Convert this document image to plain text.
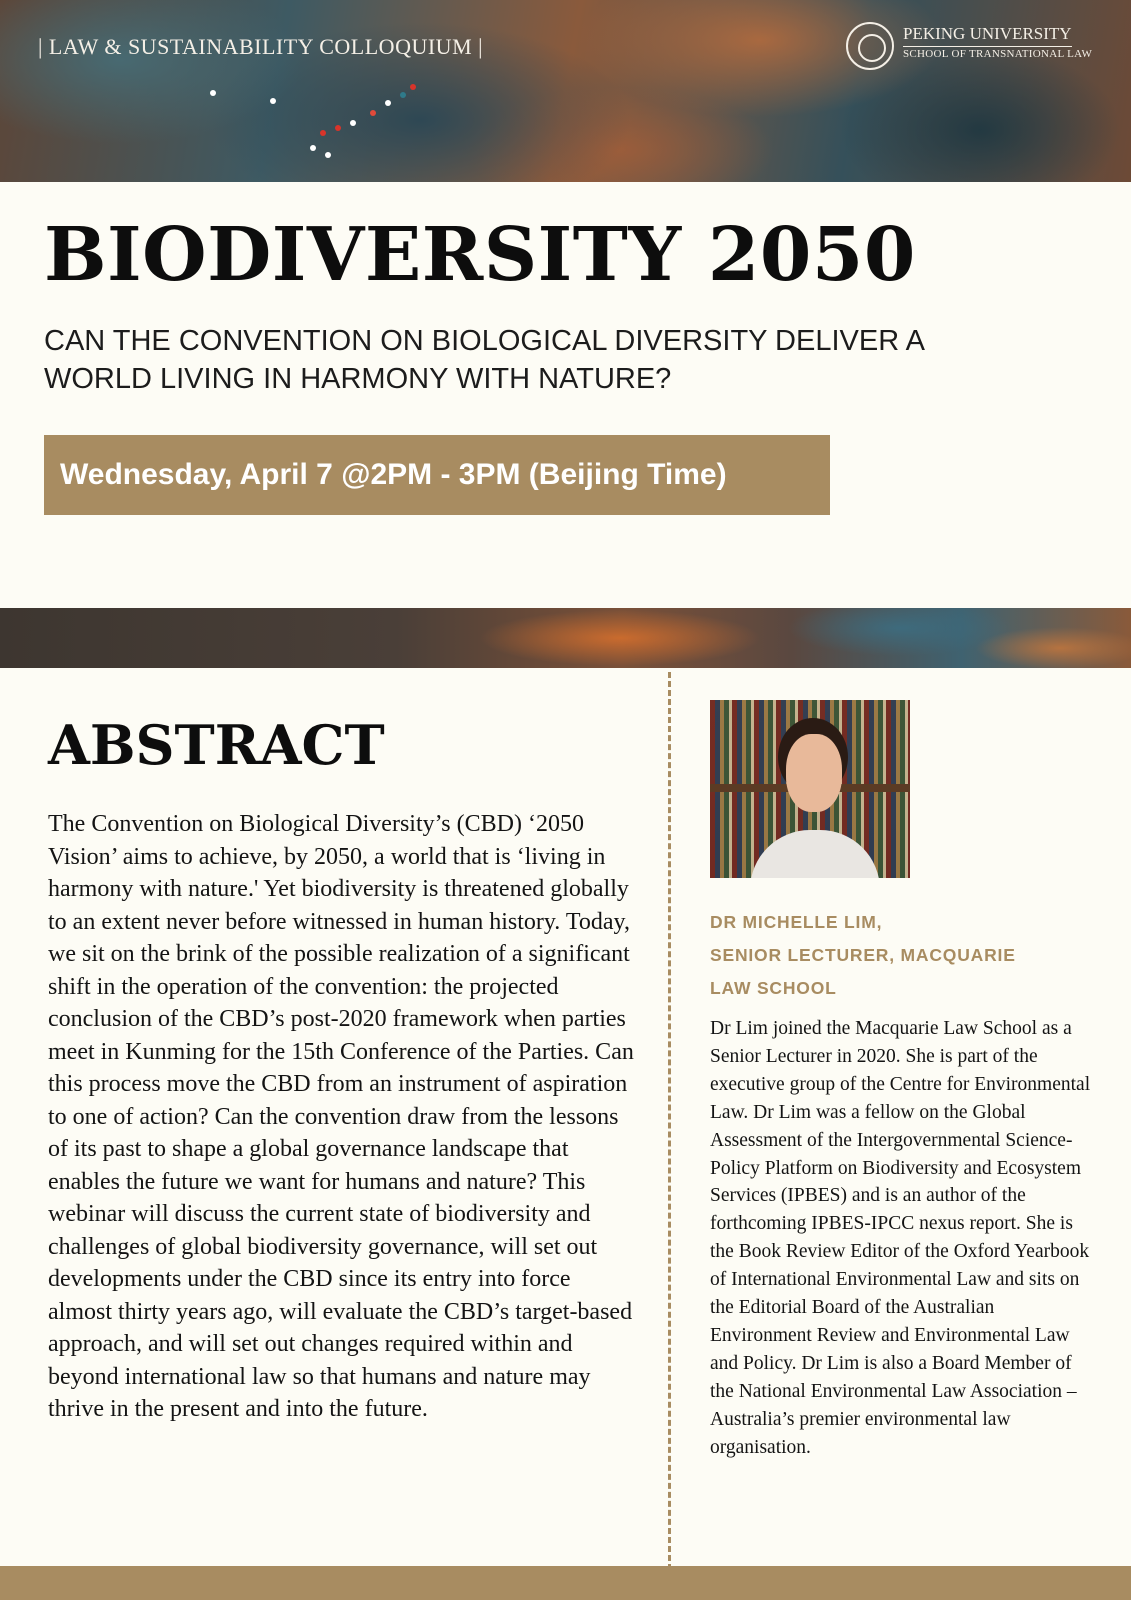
| LAW & SUSTAINABILITY COLLOQUIUM |
PEKING UNIVERSITY
SCHOOL OF TRANSNATIONAL LAW
BIODIVERSITY 2050
CAN THE CONVENTION ON BIOLOGICAL DIVERSITY DELIVER A WORLD LIVING IN HARMONY WITH NATURE?
Wednesday, April 7 @2PM - 3PM (Beijing Time)
ABSTRACT

The Convention on Biological Diversity’s (CBD) ‘2050 Vision’ aims to achieve, by 2050, a world that is ‘living in harmony with nature.' Yet biodiversity is threatened globally to an extent never before witnessed in human history. Today, we sit on the brink of the possible realization of a significant shift in the operation of the convention: the projected conclusion of the CBD’s post-2020 framework when parties meet in Kunming for the 15th Conference of the Parties. Can this process move the CBD from an instrument of aspiration to one of action? Can the convention draw from the lessons of its past to shape a global governance landscape that enables the future we want for humans and nature? This webinar will discuss the current state of biodiversity and challenges of global biodiversity governance, will set out developments under the CBD since its entry into force almost thirty years ago, will evaluate the CBD’s target-based approach, and will set out changes required within and beyond international law so that humans and nature may thrive in the present and into the future.

DR MICHELLE LIM,
SENIOR LECTURER, MACQUARIE
LAW SCHOOL

Dr Lim joined the Macquarie Law School as a Senior Lecturer in 2020. She is part of the executive group of the Centre for Environmental Law. Dr Lim was a fellow on the Global Assessment of the Intergovernmental Science-Policy Platform on Biodiversity and Ecosystem Services (IPBES) and is an author of the forthcoming IPBES-IPCC nexus report. She is the Book Review Editor of the Oxford Yearbook of International Environmental Law and sits on the Editorial Board of the Australian Environment Review and Environmental Law and Policy. Dr Lim is also a Board Member of the National Environmental Law Association – Australia’s premier environmental law organisation.
